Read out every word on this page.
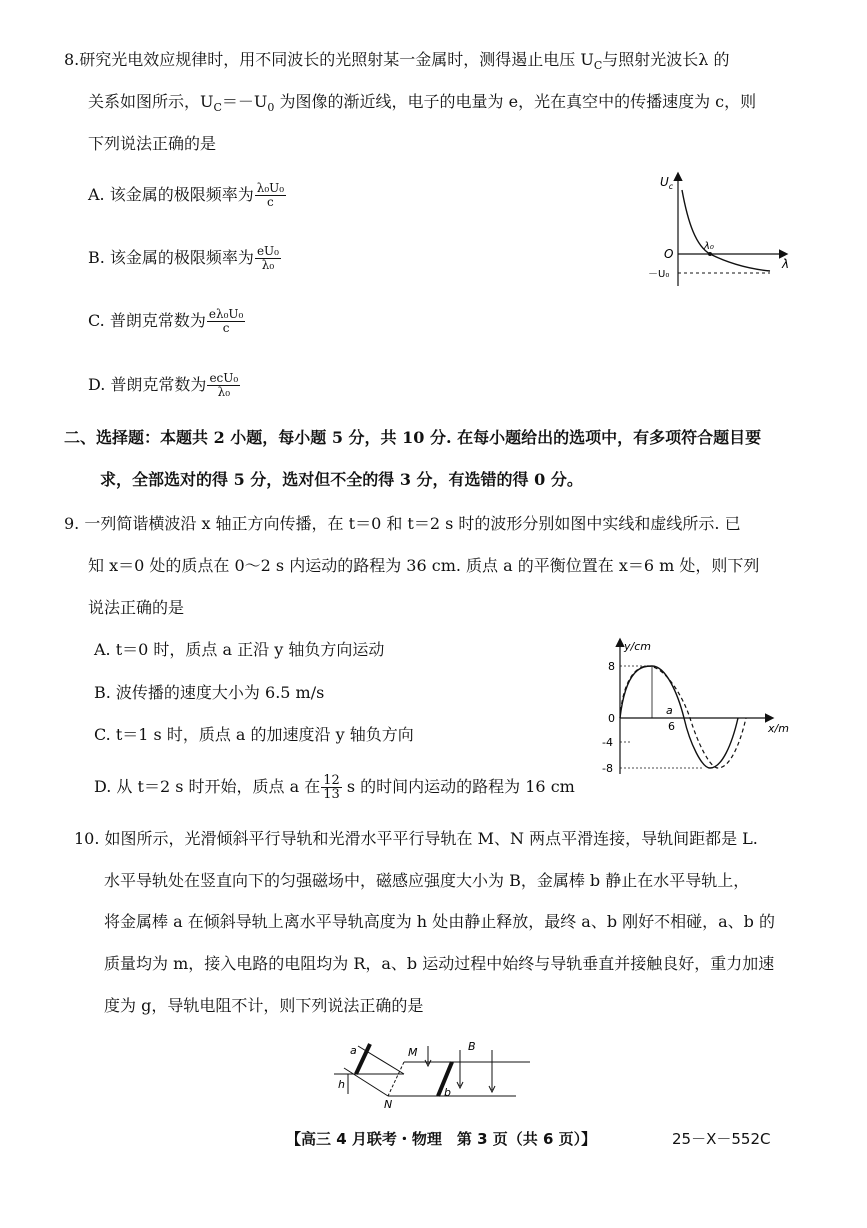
8.研究光电效应规律时，用不同波长的光照射某一金属时，测得遏止电压 $U_C$与照射光波长λ 的
关系如图所示，$U_C=-U_0$ 为图像的渐近线，电子的电量为 e，光在真空中的传播速度为 c，则
下列说法正确的是
A. 该金属的极限频率为 $\frac{\text{λ₀U₀}}{c}$
B. 该金属的极限频率为 $\frac{\text{eU₀}}{\text{λ₀}}$
C. 普朗克常数为 $\frac{\text{eλ₀U₀}}{c}$
D. 普朗克常数为 $\frac{\text{ecU₀}}{\text{λ₀}}$
$U_c$
O
λ
λ₀
－U₀
二、选择题：本题共 2 小题，每小题 5 分，共 10 分. 在每小题给出的选项中，有多项符合题目要
求，全部选对的得 5 分，选对但不全的得 3 分，有选错的得 0 分。
9. 一列简谐横波沿 x 轴正方向传播，在 t＝0 和 t＝2 s 时的波形分别如图中实线和虚线所示. 已
知 x＝0 处的质点在 0～2 s 内运动的路程为 36 cm. 质点 a 的平衡位置在 x＝6 m 处，则下列
说法正确的是
A. t＝0 时，质点 a 正沿 y 轴负方向运动
B. 波传播的速度大小为 6.5 m/s
C. t＝1 s 时，质点 a 的加速度沿 y 轴负方向
D. 从 t＝2 s 时开始，质点 a 在 $\frac{12}{13}$ s 的时间内运动的路程为 16 cm
y/cm
x/m
8
0
-4
-8
a
6
10. 如图所示，光滑倾斜平行导轨和光滑水平平行导轨在 M、N 两点平滑连接，导轨间距都是 L.
水平导轨处在竖直向下的匀强磁场中，磁感应强度大小为 B，金属棒 b 静止在水平导轨上，
将金属棒 a 在倾斜导轨上离水平导轨高度为 h 处由静止释放，最终 a、b 刚好不相碰，a、b 的
质量均为 m，接入电路的电阻均为 R，a、b 运动过程中始终与导轨垂直并接触良好，重力加速
度为 g，导轨电阻不计，则下列说法正确的是
a	M	B
h
b
N
【高三 4 月联考・物理　第 3 页（共 6 页）】	25－X－552C
